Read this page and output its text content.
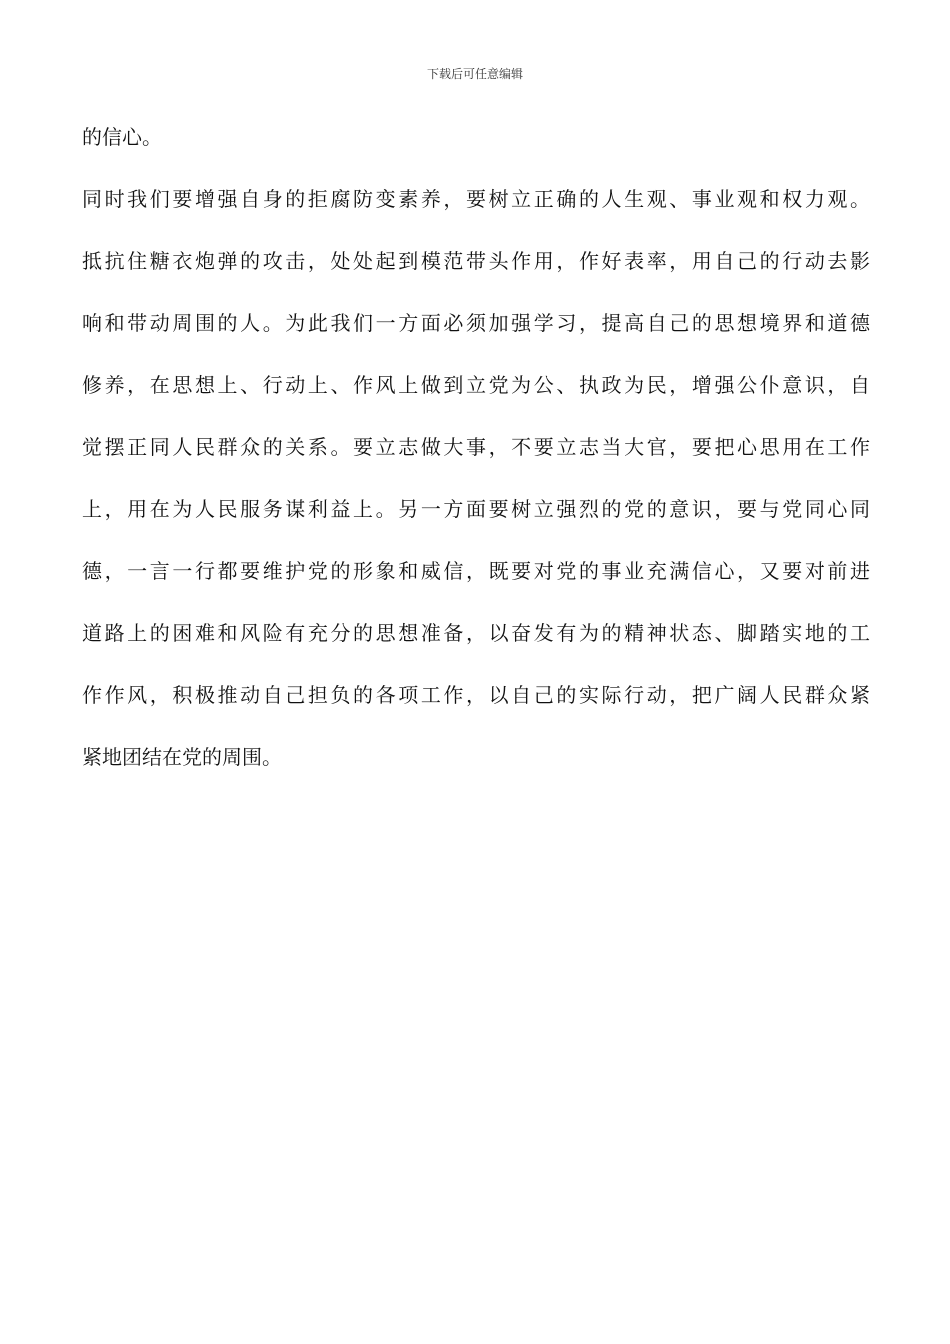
下载后可任意编辑
的信心。
同时我们要增强自身的拒腐防变素养，要树立正确的人生观、事业观和权力观。
抵抗住糖衣炮弹的攻击，处处起到模范带头作用，作好表率，用自己的行动去影
响和带动周围的人。为此我们一方面必须加强学习，提高自己的思想境界和道德
修养，在思想上、行动上、作风上做到立党为公、执政为民，增强公仆意识，自
觉摆正同人民群众的关系。要立志做大事，不要立志当大官，要把心思用在工作
上，用在为人民服务谋利益上。另一方面要树立强烈的党的意识，要与党同心同
德，一言一行都要维护党的形象和威信，既要对党的事业充满信心，又要对前进
道路上的困难和风险有充分的思想准备，以奋发有为的精神状态、脚踏实地的工
作作风，积极推动自己担负的各项工作，以自己的实际行动，把广阔人民群众紧
紧地团结在党的周围。
